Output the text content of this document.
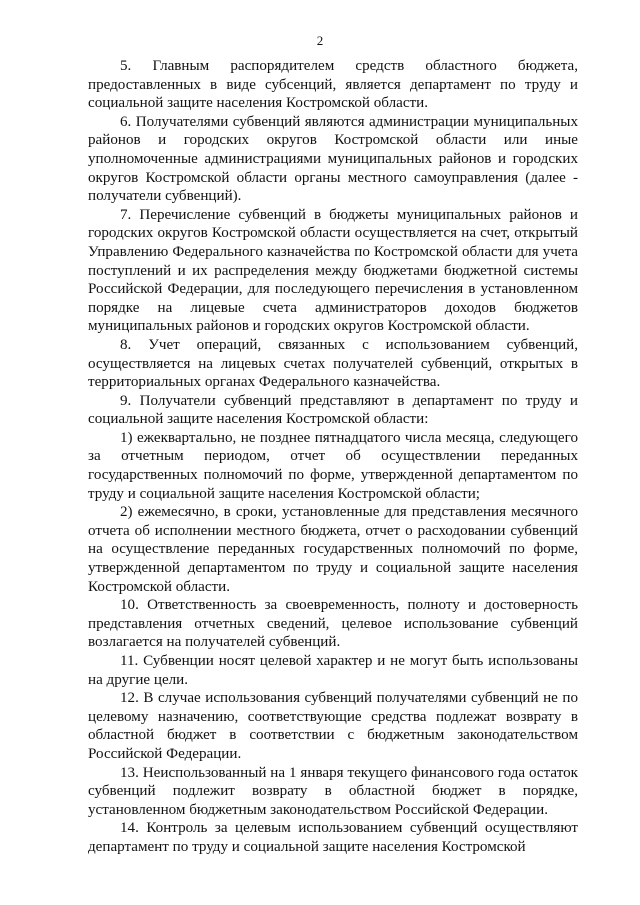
2

5. Главным распорядителем средств областного бюджета, предоставленных в виде субсенций, является департамент по труду и социальной защите населения Костромской области.

6. Получателями субвенций являются администрации муниципальных районов и городских округов Костромской области или иные уполномоченные администрациями муниципальных районов и городских округов Костромской области органы местного самоуправления (далее - получатели субвенций).

7. Перечисление субвенций в бюджеты муниципальных районов и городских округов Костромской области осуществляется на счет, открытый Управлению Федерального казначейства по Костромской области для учета поступлений и их распределения между бюджетами бюджетной системы Российской Федерации, для последующего перечисления в установленном порядке на лицевые счета администраторов доходов бюджетов муниципальных районов и городских округов Костромской области.

8. Учет операций, связанных с использованием субвенций, осуществляется на лицевых счетах получателей субвенций, открытых в территориальных органах Федерального казначейства.

9. Получатели субвенций представляют в департамент по труду и социальной защите населения Костромской области:

1) ежеквартально, не позднее пятнадцатого числа месяца, следующего за отчетным периодом, отчет об осуществлении переданных государственных полномочий по форме, утвержденной департаментом по труду и социальной защите населения Костромской области;

2) ежемесячно, в сроки, установленные для представления месячного отчета об исполнении местного бюджета, отчет о расходовании субвенций на осуществление переданных государственных полномочий по форме, утвержденной департаментом по труду и социальной защите населения Костромской области.

10. Ответственность за своевременность, полноту и достоверность представления отчетных сведений, целевое использование субвенций возлагается на получателей субвенций.

11. Субвенции носят целевой характер и не могут быть использованы на другие цели.

12. В случае использования субвенций получателями субвенций не по целевому назначению, соответствующие средства подлежат возврату в областной бюджет в соответствии с бюджетным законодательством Российской Федерации.

13. Неиспользованный на 1 января текущего финансового года остаток субвенций подлежит возврату в областной бюджет в порядке, установленном бюджетным законодательством Российской Федерации.

14. Контроль за целевым использованием субвенций осуществляют департамент по труду и социальной защите населения Костромской
